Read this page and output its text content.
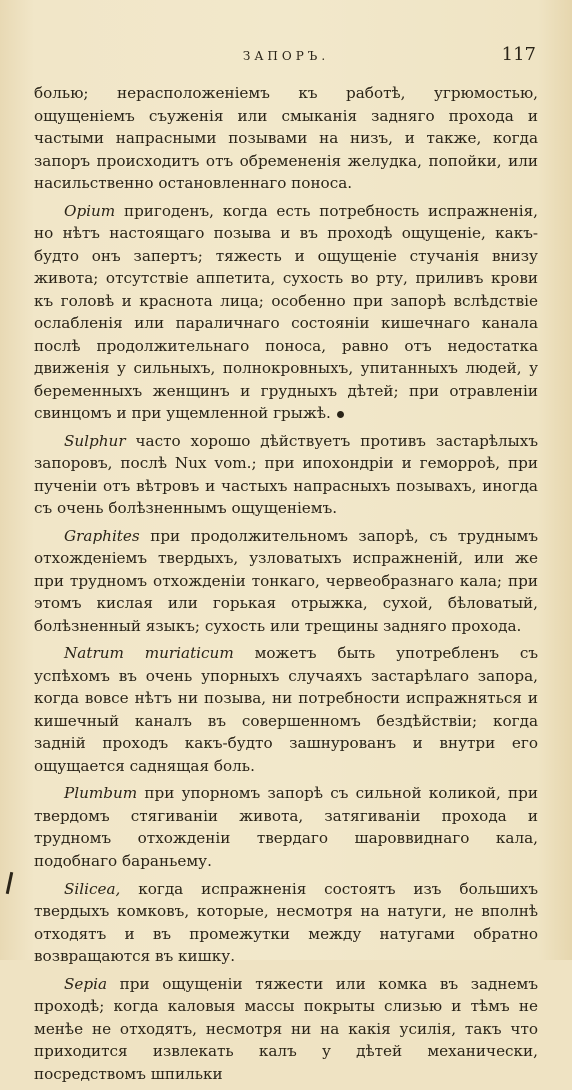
ЗАПОРЪ.	117

болью; нерасположеніемъ къ работѣ, угрюмостью, ощущеніемъ съуженія или смыканія задняго прохода и частыми напрасными позывами на низъ, и также, когда запоръ происходитъ отъ обремененія желудка, попойки, или насильственно остановленнаго поноса.

Opium пригоденъ, когда есть потребность испражненія, но нѣтъ настоящаго позыва и въ проходѣ ощущеніе, какъ-будто онъ запертъ; тяжесть и ощущеніе стучанія внизу живота; отсутствіе аппетита, сухость во рту, приливъ крови къ головѣ и краснота лица; особенно при запорѣ вслѣдствіе ослабленія или параличнаго состояніи кишечнаго канала послѣ продолжительнаго поноса, равно отъ недостатка движенія у сильныхъ, полнокровныхъ, упитанныхъ людей, у беременныхъ женщинъ и грудныхъ дѣтей; при отравленіи свинцомъ и при ущемленной грыжѣ.

Sulphur часто хорошо дѣйствуетъ противъ застарѣлыхъ запоровъ, послѣ Nux vom.; при ипохондріи и геморроѣ, при пученіи отъ вѣтровъ и частыхъ напрасныхъ позывахъ, иногда съ очень болѣзненнымъ ощущеніемъ.

Graphites при продолжительномъ запорѣ, съ труднымъ отхожденіемъ твердыхъ, узловатыхъ испражненій, или же при трудномъ отхожденіи тонкаго, червеобразнаго кала; при этомъ кислая или горькая отрыжка, сухой, бѣловатый, болѣзненный языкъ; сухость или трещины задняго прохода.

Natrum muriaticum можетъ быть употребленъ съ успѣхомъ въ очень упорныхъ случаяхъ застарѣлаго запора, когда вовсе нѣтъ ни позыва, ни потребности испражняться и кишечный каналъ въ совершенномъ бездѣйствіи; когда задній проходъ какъ-будто зашнурованъ и внутри его ощущается саднящая боль.

Plumbum при упорномъ запорѣ съ сильной коликой, при твердомъ стягиваніи живота, затягиваніи прохода и трудномъ отхожденіи твердаго шароввиднаго кала, подобнаго бараньему.

Silicea, когда испражненія состоятъ изъ большихъ твердыхъ комковъ, которые, несмотря на натуги, не вполнѣ отходятъ и въ промежутки между натугами обратно возвращаются въ кишку.

Sepia при ощущеніи тяжести или комка въ заднемъ проходѣ; когда каловыя массы покрыты слизью и тѣмъ не менѣе не отходятъ, несмотря ни на какія усилія, такъ что приходится извлекать калъ у дѣтей механически, посредствомъ шпильки
